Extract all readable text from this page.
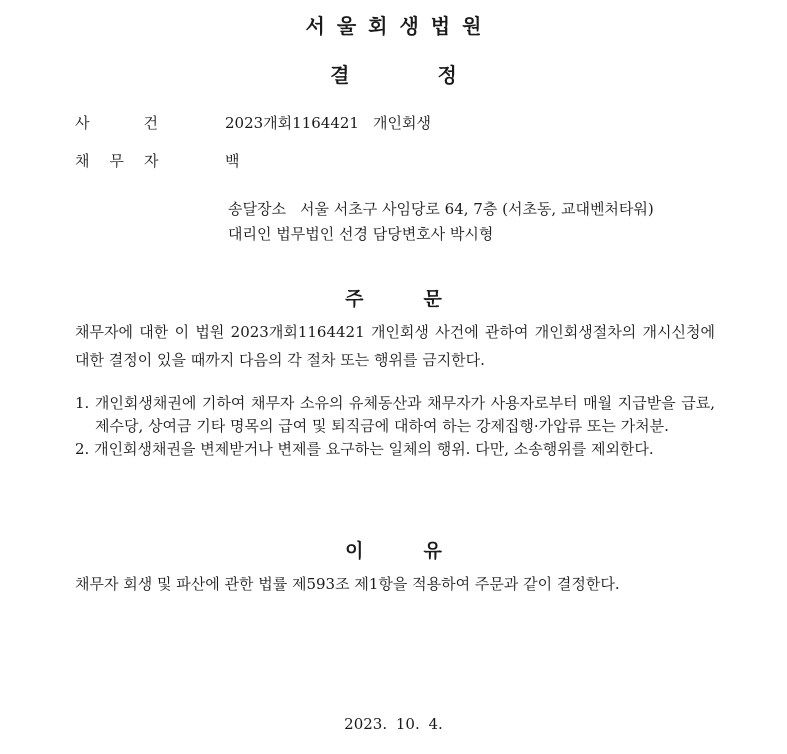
서울회생법원
결정
사건 2023개회1164421 개인회생
채무자	백
송달장소 서울 서초구 사임당로 64, 7층 (서초동, 교대벤처타워)
대리인 법무법인 선경 담당변호사 박시형
주문
채무자에 대한 이 법원 2023개회1164421 개인회생 사건에 관하여 개인회생절차의 개시신청에 대한 결정이 있을 때까지 다음의 각 절차 또는 행위를 금지한다.
1. 개인회생채권에 기하여 채무자 소유의 유체동산과 채무자가 사용자로부터 매월 지급받을 급료, 제수당, 상여금 기타 명목의 급여 및 퇴직금에 대하여 하는 강제집행·가압류 또는 가처분.
2. 개인회생채권을 변제받거나 변제를 요구하는 일체의 행위. 다만, 소송행위를 제외한다.
이유
채무자 회생 및 파산에 관한 법률 제593조 제1항을 적용하여 주문과 같이 결정한다.
2023. 10. 4.
